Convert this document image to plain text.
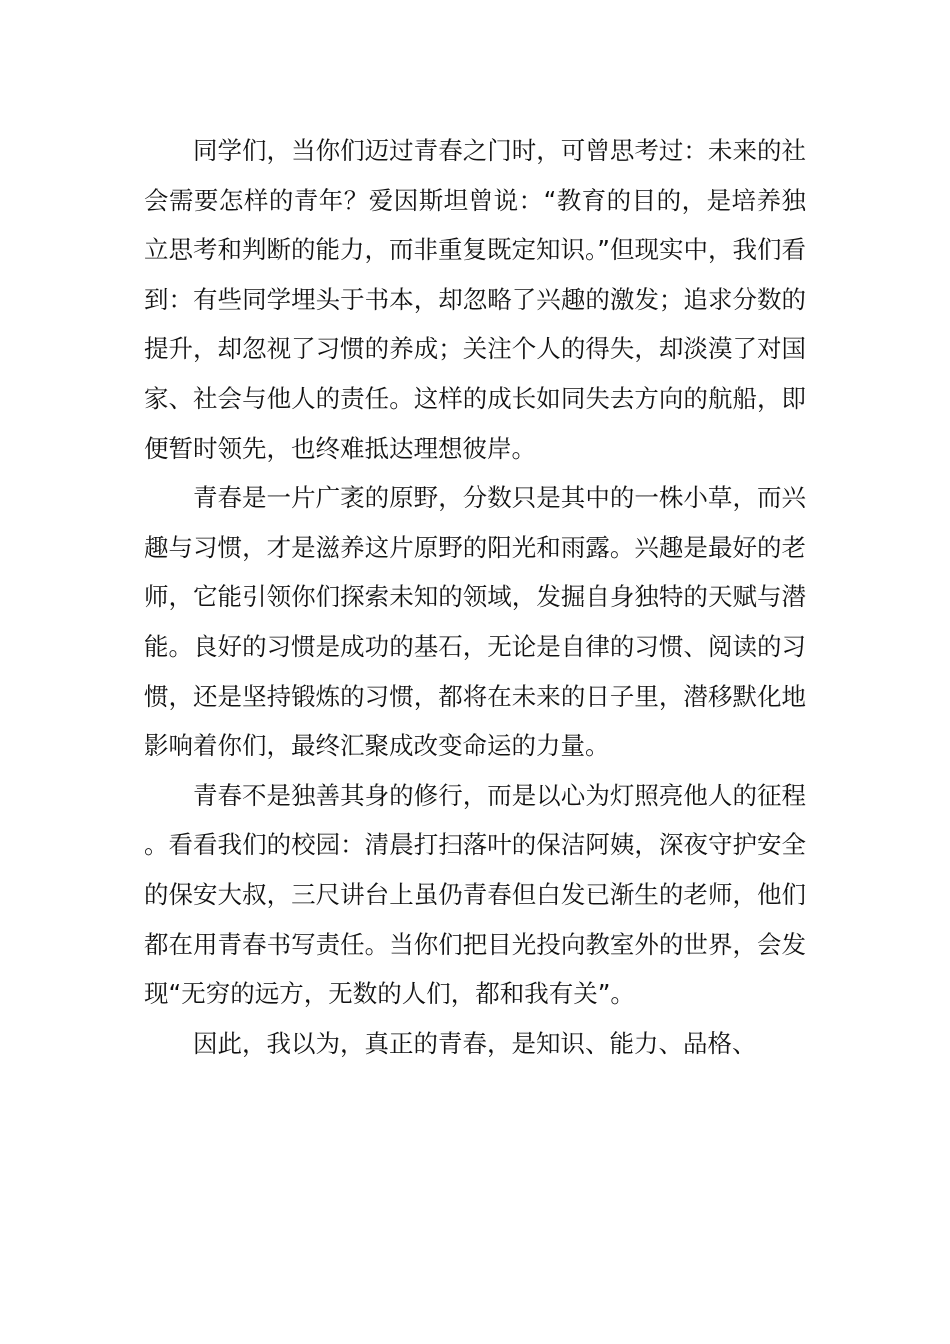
同学们，当你们迈过青春之门时，可曾思考过：未来的社会需要怎样的青年？爱因斯坦曾说：“教育的目的，是培养独立思考和判断的能力，而非重复既定知识。”但现实中，我们看到：有些同学埋头于书本，却忽略了兴趣的激发；追求分数的提升，却忽视了习惯的养成；关注个人的得失，却淡漠了对国家、社会与他人的责任。这样的成长如同失去方向的航船，即便暂时领先，也终难抵达理想彼岸。

青春是一片广袤的原野，分数只是其中的一株小草，而兴趣与习惯，才是滋养这片原野的阳光和雨露。兴趣是最好的老师，它能引领你们探索未知的领域，发掘自身独特的天赋与潜能。良好的习惯是成功的基石，无论是自律的习惯、阅读的习惯，还是坚持锻炼的习惯，都将在未来的日子里，潜移默化地影响着你们，最终汇聚成改变命运的力量。

青春不是独善其身的修行，而是以心为灯照亮他人的征程。看看我们的校园：清晨打扫落叶的保洁阿姨，深夜守护安全的保安大叔，三尺讲台上虽仍青春但白发已渐生的老师，他们都在用青春书写责任。当你们把目光投向教室外的世界，会发现“无穷的远方，无数的人们，都和我有关”。

因此，我以为，真正的青春，是知识、能力、品格、
